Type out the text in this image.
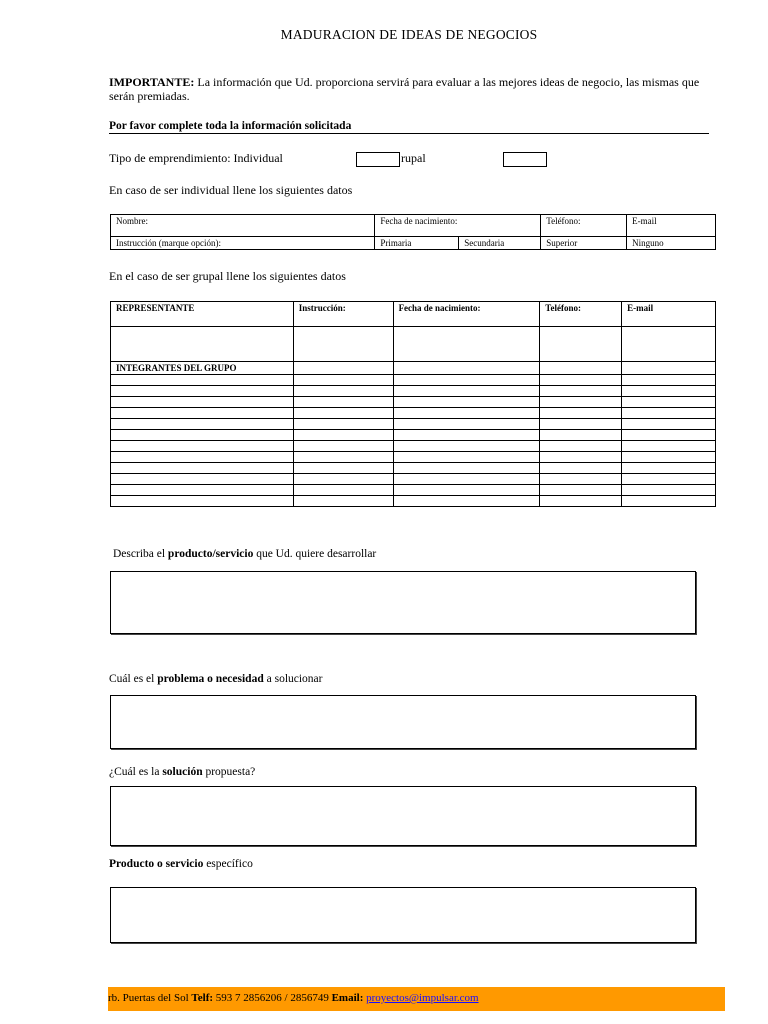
MADURACION DE IDEAS DE NEGOCIOS
IMPORTANTE: La información que Ud. proporciona servirá para evaluar a las mejores ideas de negocio, las mismas que serán premiadas.
Por favor complete toda la información solicitada
Tipo de emprendimiento: Individual	rupal
En caso de ser individual llene los siguientes datos
Nombre:	Fecha de nacimiento:		Teléfono:	E-mail
Instrucción (marque opción):	Primaria	Secundaria	Superior	Ninguno
En el caso de ser grupal llene los siguientes datos
REPRESENTANTE	Instrucción:	Fecha de nacimiento:	Teléfono:	E-mail

INTEGRANTES DEL GRUPO				

Describa el producto/servicio que Ud. quiere desarrollar
Cuál es el problema o necesidad a solucionar
¿Cuál es la solución propuesta?
Producto o servicio específico
rb. Puertas del Sol Telf: 593 7 2856206 / 2856749 Email: proyectos@impulsar.com
